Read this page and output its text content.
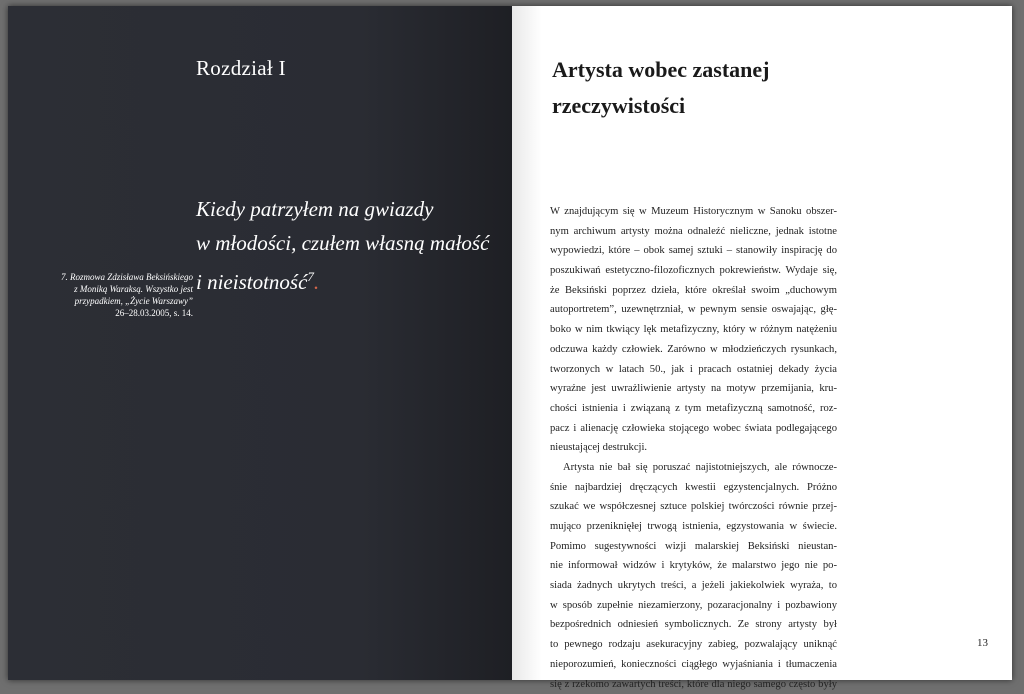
Rozdział I
Kiedy patrzyłem na gwiazdy
w młodości, czułem własną małość
i nieistotność$^7$.
7. Rozmowa Zdzisława Beksińskiego
z Moniką Waraksą. Wszystko jest
przypadkiem, „Życie Warszawy”
26–28.03.2005, s. 14.
Artysta wobec zastanej
rzeczywistości
W znajdującym się w Muzeum Historycznym w Sanoku obszer-
nym archiwum artysty można odnaleźć nieliczne, jednak istotne
wypowiedzi, które – obok samej sztuki – stanowiły inspirację do
poszukiwań estetyczno-filozoficznych pokrewieństw. Wydaje się,
że Beksiński poprzez dzieła, które określał swoim „duchowym
autoportretem”, uzewnętrzniał, w pewnym sensie oswajając, głę-
boko w nim tkwiący lęk metafizyczny, który w różnym natężeniu
odczuwa każdy człowiek. Zarówno w młodzieńczych rysunkach,
tworzonych w latach 50., jak i pracach ostatniej dekady życia
wyraźne jest uwrażliwienie artysty na motyw przemijania, kru-
chości istnienia i związaną z tym metafizyczną samotność, roz-
pacz i alienację człowieka stojącego wobec świata podlegającego
nieustającej destrukcji.
Artysta nie bał się poruszać najistotniejszych, ale równocze-
śnie najbardziej dręczących kwestii egzystencjalnych. Próżno
szukać we współczesnej sztuce polskiej twórczości równie przej-
mująco przeniknięłej trwogą istnienia, egzystowania w świecie.
Pomimo sugestywności wizji malarskiej Beksiński nieustan-
nie informował widzów i krytyków, że malarstwo jego nie po-
siada żadnych ukrytych treści, a jeżeli jakiekolwiek wyraża, to
w sposób zupełnie niezamierzony, pozaracjonalny i pozbawiony
bezpośrednich odniesień symbolicznych. Ze strony artysty był
to pewnego rodzaju asekuracyjny zabieg, pozwalający uniknąć
nieporozumień, konieczności ciągłego wyjaśniania i tłumaczenia
się z rzekomo zawartych treści, które dla niego samego często były
13
